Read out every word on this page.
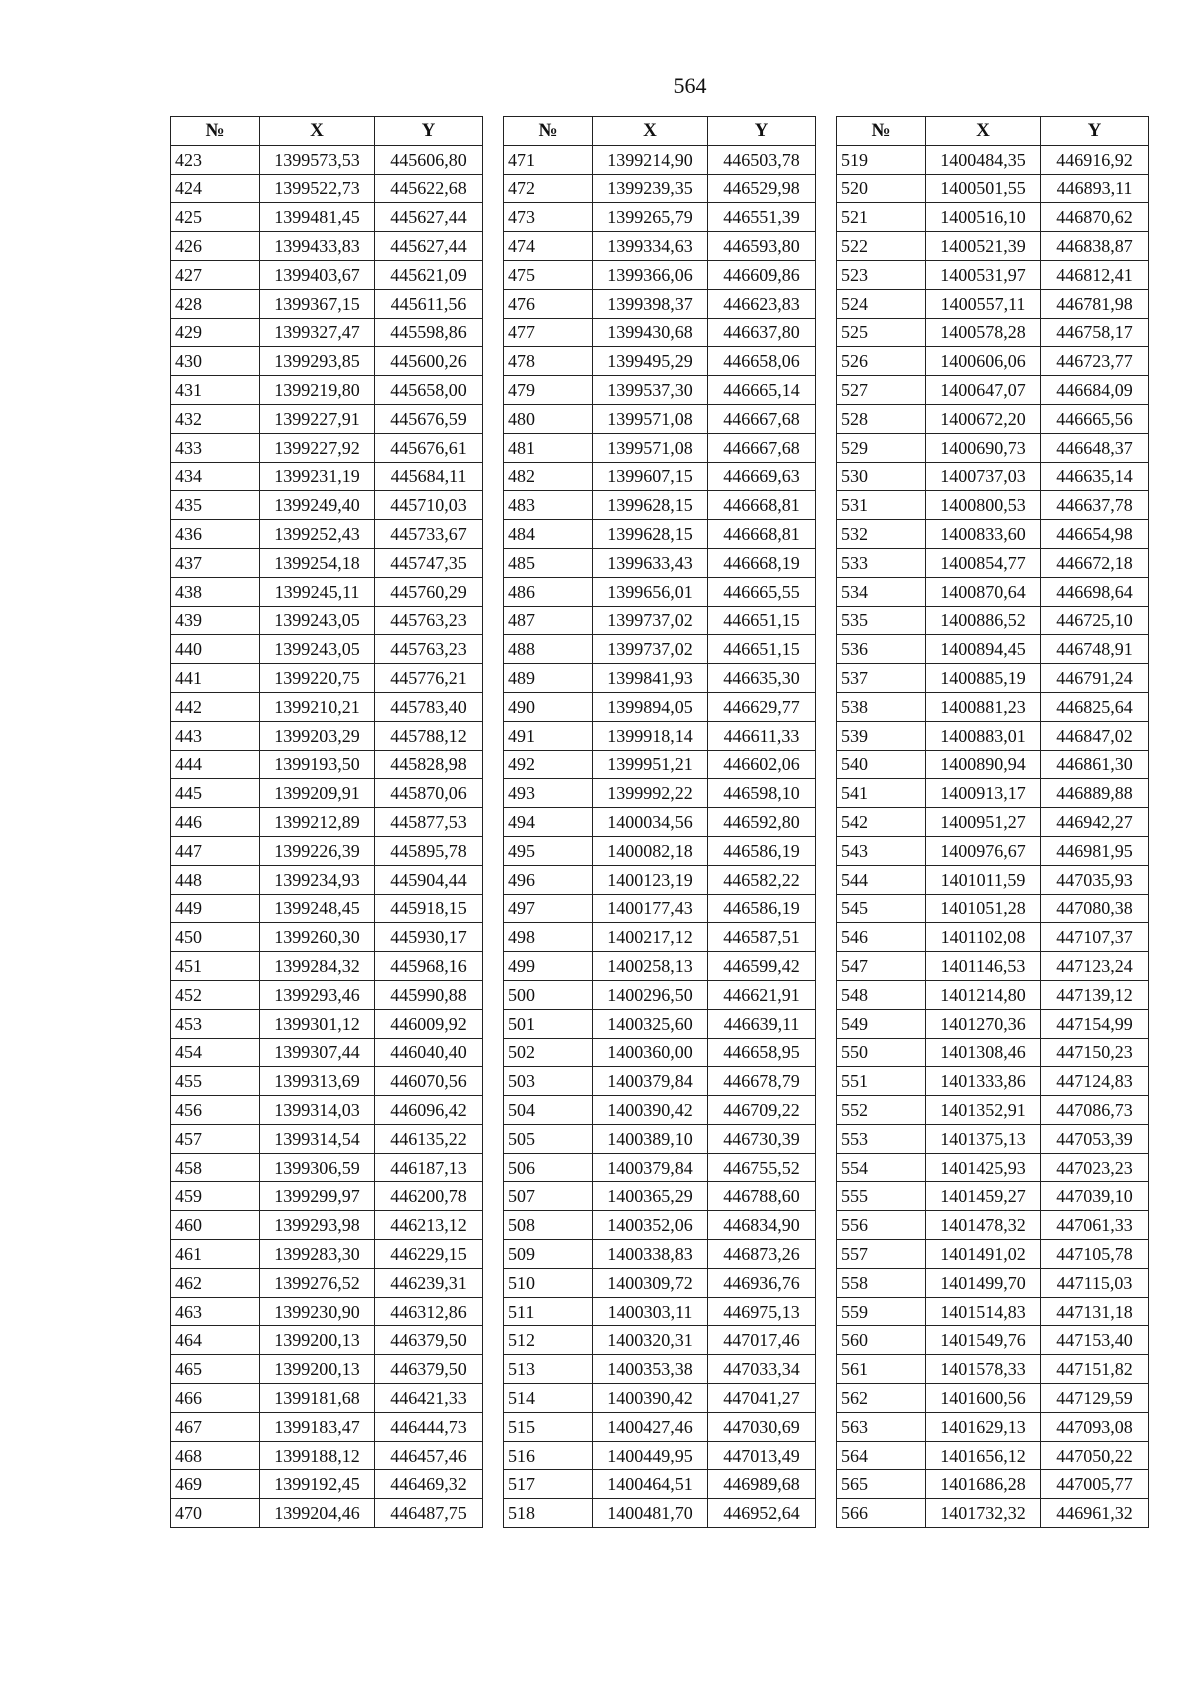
564
№	X	Y
423	1399573,53	445606,80
424	1399522,73	445622,68
425	1399481,45	445627,44
426	1399433,83	445627,44
427	1399403,67	445621,09
428	1399367,15	445611,56
429	1399327,47	445598,86
430	1399293,85	445600,26
431	1399219,80	445658,00
432	1399227,91	445676,59
433	1399227,92	445676,61
434	1399231,19	445684,11
435	1399249,40	445710,03
436	1399252,43	445733,67
437	1399254,18	445747,35
438	1399245,11	445760,29
439	1399243,05	445763,23
440	1399243,05	445763,23
441	1399220,75	445776,21
442	1399210,21	445783,40
443	1399203,29	445788,12
444	1399193,50	445828,98
445	1399209,91	445870,06
446	1399212,89	445877,53
447	1399226,39	445895,78
448	1399234,93	445904,44
449	1399248,45	445918,15
450	1399260,30	445930,17
451	1399284,32	445968,16
452	1399293,46	445990,88
453	1399301,12	446009,92
454	1399307,44	446040,40
455	1399313,69	446070,56
456	1399314,03	446096,42
457	1399314,54	446135,22
458	1399306,59	446187,13
459	1399299,97	446200,78
460	1399293,98	446213,12
461	1399283,30	446229,15
462	1399276,52	446239,31
463	1399230,90	446312,86
464	1399200,13	446379,50
465	1399200,13	446379,50
466	1399181,68	446421,33
467	1399183,47	446444,73
468	1399188,12	446457,46
469	1399192,45	446469,32
470	1399204,46	446487,75
№	X	Y
471	1399214,90	446503,78
472	1399239,35	446529,98
473	1399265,79	446551,39
474	1399334,63	446593,80
475	1399366,06	446609,86
476	1399398,37	446623,83
477	1399430,68	446637,80
478	1399495,29	446658,06
479	1399537,30	446665,14
480	1399571,08	446667,68
481	1399571,08	446667,68
482	1399607,15	446669,63
483	1399628,15	446668,81
484	1399628,15	446668,81
485	1399633,43	446668,19
486	1399656,01	446665,55
487	1399737,02	446651,15
488	1399737,02	446651,15
489	1399841,93	446635,30
490	1399894,05	446629,77
491	1399918,14	446611,33
492	1399951,21	446602,06
493	1399992,22	446598,10
494	1400034,56	446592,80
495	1400082,18	446586,19
496	1400123,19	446582,22
497	1400177,43	446586,19
498	1400217,12	446587,51
499	1400258,13	446599,42
500	1400296,50	446621,91
501	1400325,60	446639,11
502	1400360,00	446658,95
503	1400379,84	446678,79
504	1400390,42	446709,22
505	1400389,10	446730,39
506	1400379,84	446755,52
507	1400365,29	446788,60
508	1400352,06	446834,90
509	1400338,83	446873,26
510	1400309,72	446936,76
511	1400303,11	446975,13
512	1400320,31	447017,46
513	1400353,38	447033,34
514	1400390,42	447041,27
515	1400427,46	447030,69
516	1400449,95	447013,49
517	1400464,51	446989,68
518	1400481,70	446952,64
№	X	Y
519	1400484,35	446916,92
520	1400501,55	446893,11
521	1400516,10	446870,62
522	1400521,39	446838,87
523	1400531,97	446812,41
524	1400557,11	446781,98
525	1400578,28	446758,17
526	1400606,06	446723,77
527	1400647,07	446684,09
528	1400672,20	446665,56
529	1400690,73	446648,37
530	1400737,03	446635,14
531	1400800,53	446637,78
532	1400833,60	446654,98
533	1400854,77	446672,18
534	1400870,64	446698,64
535	1400886,52	446725,10
536	1400894,45	446748,91
537	1400885,19	446791,24
538	1400881,23	446825,64
539	1400883,01	446847,02
540	1400890,94	446861,30
541	1400913,17	446889,88
542	1400951,27	446942,27
543	1400976,67	446981,95
544	1401011,59	447035,93
545	1401051,28	447080,38
546	1401102,08	447107,37
547	1401146,53	447123,24
548	1401214,80	447139,12
549	1401270,36	447154,99
550	1401308,46	447150,23
551	1401333,86	447124,83
552	1401352,91	447086,73
553	1401375,13	447053,39
554	1401425,93	447023,23
555	1401459,27	447039,10
556	1401478,32	447061,33
557	1401491,02	447105,78
558	1401499,70	447115,03
559	1401514,83	447131,18
560	1401549,76	447153,40
561	1401578,33	447151,82
562	1401600,56	447129,59
563	1401629,13	447093,08
564	1401656,12	447050,22
565	1401686,28	447005,77
566	1401732,32	446961,32
